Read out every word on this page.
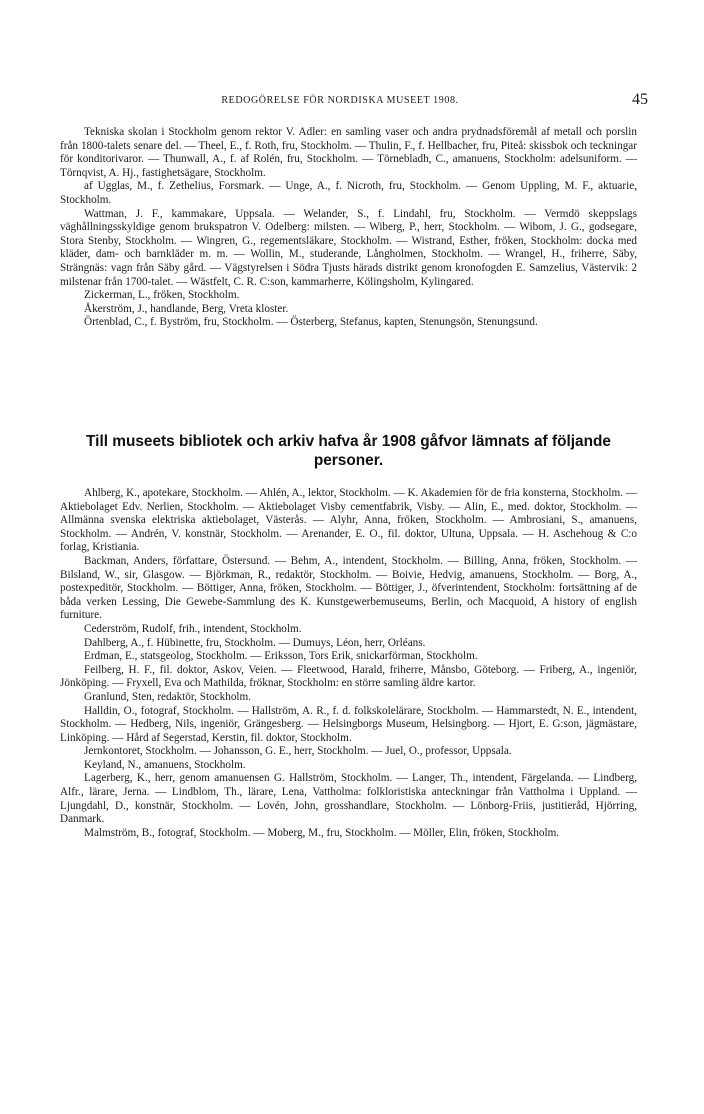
REDOGÖRELSE FÖR NORDISKA MUSEET 1908.	45

Tekniska skolan i Stockholm genom rektor V. Adler: en samling vaser och andra prydnadsföremål af metall och porslin från 1800-talets senare del. — Theel, E., f. Roth, fru, Stockholm. — Thulin, F., f. Hellbacher, fru, Piteå: skissbok och teckningar för konditorivaror. — Thunwall, A., f. af Rolén, fru, Stockholm. — Törnebladh, C., amanuens, Stockholm: adelsuniform. — Törnqvist, A. Hj., fastighetsägare, Stockholm.

af Ugglas, M., f. Zethelius, Forsmark. — Unge, A., f. Nicroth, fru, Stockholm. — Genom Uppling, M. F., aktuarie, Stockholm.

Wattman, J. F., kammakare, Uppsala. — Welander, S., f. Lindahl, fru, Stockholm. — Vermdö skeppslags väghållningsskyldige genom brukspatron V. Odelberg: milsten. — Wiberg, P., herr, Stockholm. — Wibom, J. G., godsegare, Stora Stenby, Stockholm. — Wingren, G., regementsläkare, Stockholm. — Wistrand, Esther, fröken, Stockholm: docka med kläder, dam- och barnkläder m. m. — Wollin, M., studerande, Långholmen, Stockholm. — Wrangel, H., friherre, Säby, Strängnäs: vagn från Säby gård. — Vägstyrelsen i Södra Tjusts härads distrikt genom kronofogden E. Samzelius, Västervik: 2 milstenar från 1700-talet. — Wästfelt, C. R. C:son, kammarherre, Kölingsholm, Kylingared.

Zickerman, L., fröken, Stockholm.

Åkerström, J., handlande, Berg, Vreta kloster.

Örtenblad, C., f. Byström, fru, Stockholm. — Österberg, Stefanus, kapten, Stenungsön, Stenungsund.

Till museets bibliotek och arkiv hafva år 1908 gåfvor lämnats af följande personer.

Ahlberg, K., apotekare, Stockholm. — Ahlén, A., lektor, Stockholm. — K. Akademien för de fria konsterna, Stockholm. — Aktiebolaget Edv. Nerlien, Stockholm. — Aktiebolaget Visby cementfabrik, Visby. — Alin, E., med. doktor, Stockholm. — Allmänna svenska elektriska aktiebolaget, Västerås. — Alyhr, Anna, fröken, Stockholm. — Ambrosiani, S., amanuens, Stockholm. — Andrén, V. konstnär, Stockholm. — Arenander, E. O., fil. doktor, Ultuna, Uppsala. — H. Aschehoug & C:o forlag, Kristiania.

Backman, Anders, författare, Östersund. — Behm, A., intendent, Stockholm. — Billing, Anna, fröken, Stockholm. — Bilsland, W., sir, Glasgow. — Björkman, R., redaktör, Stockholm. — Boivie, Hedvig, amanuens, Stockholm. — Borg, A., postexpeditör, Stockholm. — Böttiger, Anna, fröken, Stockholm. — Böttiger, J., öfverintendent, Stockholm: fortsättning af de båda verken Lessing, Die Gewebe-Sammlung des K. Kunstgewerbemuseums, Berlin, och Macquoid, A history of english furniture.

Cederström, Rudolf, frih., intendent, Stockholm.

Dahlberg, A., f. Hübinette, fru, Stockholm. — Dumuys, Léon, herr, Orléans.

Erdman, E., statsgeolog, Stockholm. — Eriksson, Tors Erik, snickarförman, Stockholm.

Feilberg, H. F., fil. doktor, Askov, Veien. — Fleetwood, Harald, friherre, Månsbo, Göteborg. — Friberg, A., ingeniör, Jönköping. — Fryxell, Eva och Mathilda, fröknar, Stockholm: en större samling äldre kartor.

Granlund, Sten, redaktör, Stockholm.

Halldin, O., fotograf, Stockholm. — Hallström, A. R., f. d. folkskolelärare, Stockholm. — Hammarstedt, N. E., intendent, Stockholm. — Hedberg, Nils, ingeniör, Grängesberg. — Helsingborgs Museum, Helsingborg. — Hjort, E. G:son, jägmästare, Linköping. — Hård af Segerstad, Kerstin, fil. doktor, Stockholm.

Jernkontoret, Stockholm. — Johansson, G. E., herr, Stockholm. — Juel, O., professor, Uppsala.

Keyland, N., amanuens, Stockholm.

Lagerberg, K., herr, genom amanuensen G. Hallström, Stockholm. — Langer, Th., intendent, Färgelanda. — Lindberg, Alfr., lärare, Jerna. — Lindblom, Th., lärare, Lena, Vattholma: folkloristiska anteckningar från Vattholma i Uppland. — Ljungdahl, D., konstnär, Stockholm. — Lovén, John, grosshandlare, Stockholm. — Lönborg-Friis, justitieråd, Hjörring, Danmark.

Malmström, B., fotograf, Stockholm. — Moberg, M., fru, Stockholm. — Möller, Elin, fröken, Stockholm.
